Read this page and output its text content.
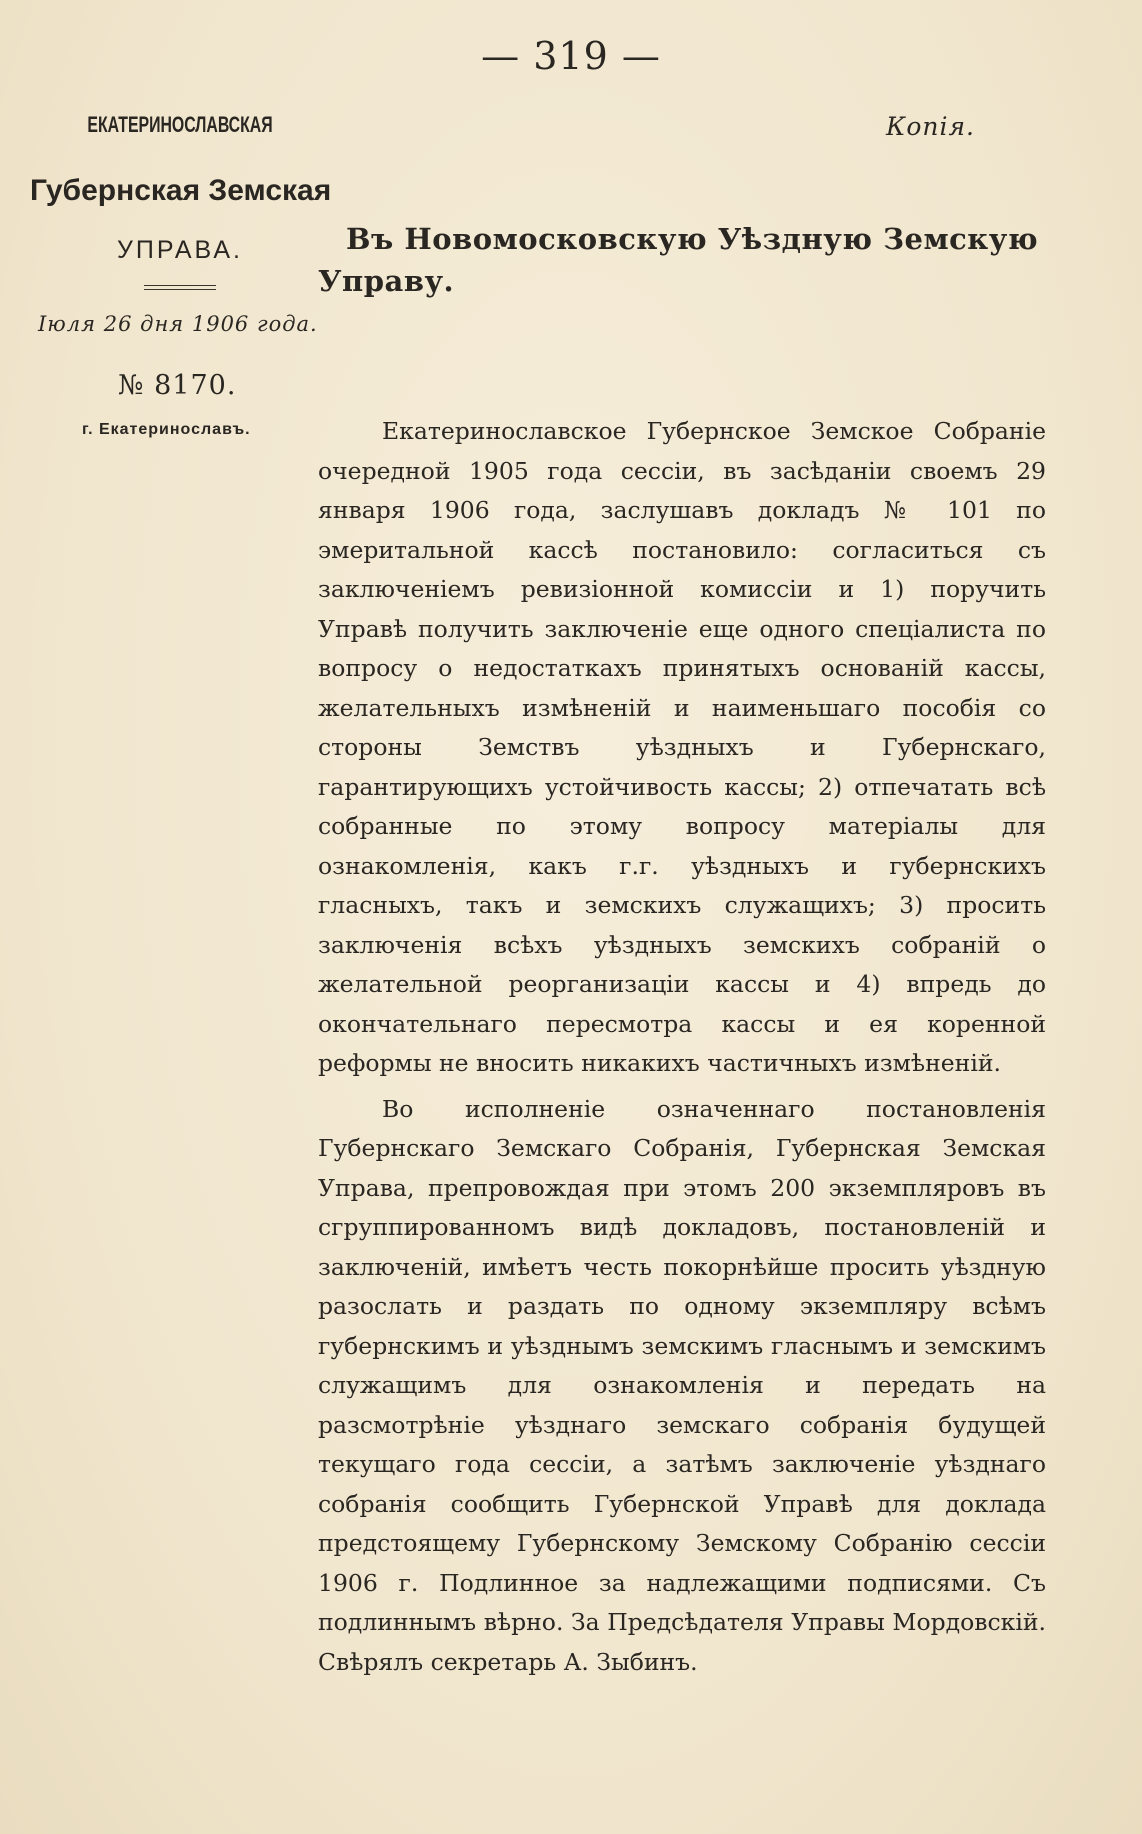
— 319 —
ЕКАТЕРИНОСЛАВСКАЯ
Губернская Земская
УПРАВА.
Іюля 26 дня 1906 года.
№ 8170.
г. Екатеринославъ.
Копія.
Въ Новомосковскую Уѣздную Земскую
Управу.

Екатеринославское Губернское Земское Собраніе очередной 1905 года сессіи, въ засѣданіи своемъ 29 января 1906 года, заслушавъ докладъ № 101 по эмеритальной кассѣ постановило: согласиться съ заключеніемъ ревизіонной комиссіи и 1) поручить Управѣ получить заключеніе еще одного спеціалиста по вопросу о недостаткахъ принятыхъ основаній кассы, желательныхъ измѣненій и наименьшаго пособія со стороны Земствъ уѣздныхъ и Губернскаго, гарантирующихъ устойчивость кассы; 2) отпечатать всѣ собранные по этому вопросу матеріалы для ознакомленія, какъ г.г. уѣздныхъ и губернскихъ гласныхъ, такъ и земскихъ служащихъ; 3) просить заключенія всѣхъ уѣздныхъ земскихъ собраній о желательной реорганизаціи кассы и 4) впредь до окончательнаго пересмотра кассы и ея коренной реформы не вносить никакихъ частичныхъ измѣненій.

Во исполненіе означеннаго постановленія Губернскаго Земскаго Собранія, Губернская Земская Управа, препровождая при этомъ 200 экземпляровъ въ сгруппированномъ видѣ докладовъ, постановленій и заключеній, имѣетъ честь покорнѣйше просить уѣздную разослать и раздать по одному экземпляру всѣмъ губернскимъ и уѣзднымъ земскимъ гласнымъ и земскимъ служащимъ для ознакомленія и передать на разсмотрѣніе уѣзднаго земскаго собранія будущей текущаго года сессіи, а затѣмъ заключеніе уѣзднаго собранія сообщить Губернской Управѣ для доклада предстоящему Губернскому Земскому Собранію сессіи 1906 г. Подлинное за надлежащими подписями. Съ подлиннымъ вѣрно. За Предсѣдателя Управы Мордовскій. Свѣрялъ секретарь А. Зыбинъ.
